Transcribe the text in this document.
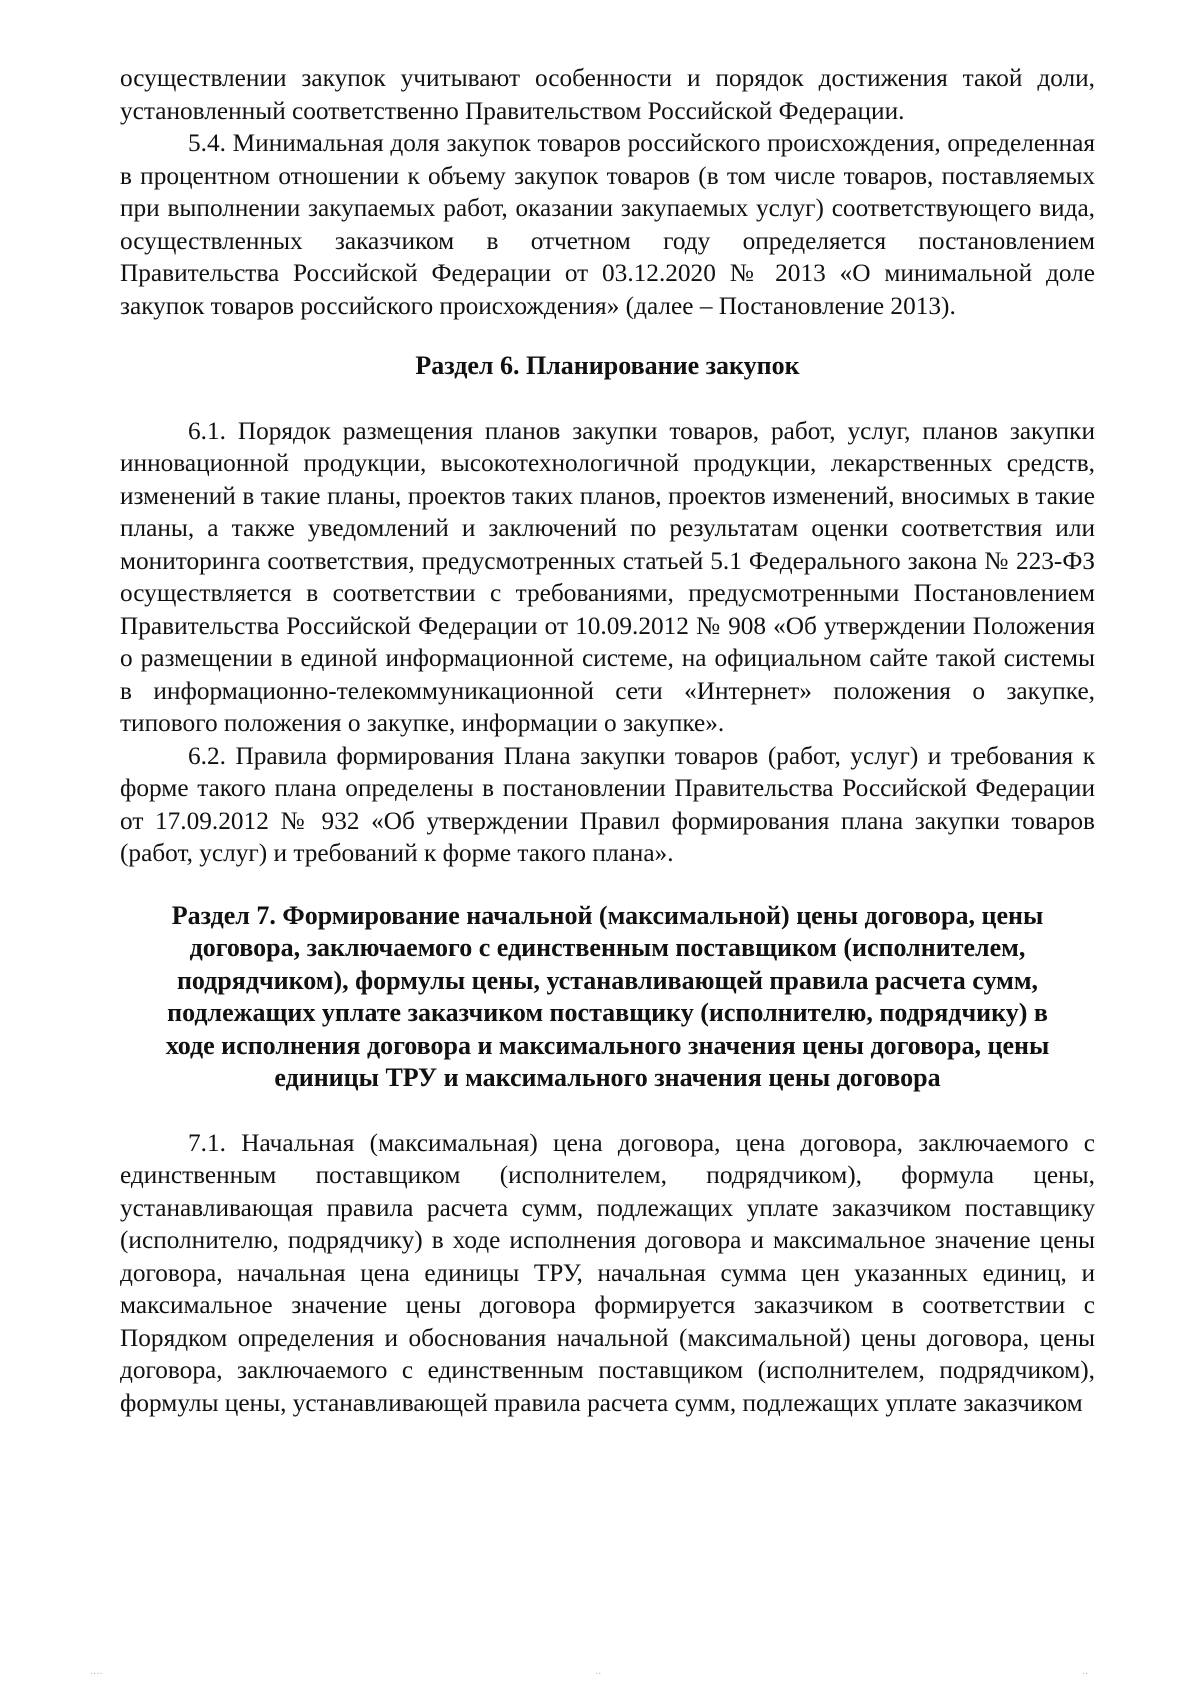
осуществлении закупок учитывают особенности и порядок достижения такой доли, установленный соответственно Правительством Российской Федерации.

5.4. Минимальная доля закупок товаров российского происхождения, определенная в процентном отношении к объему закупок товаров (в том числе товаров, поставляемых при выполнении закупаемых работ, оказании закупаемых услуг) соответствующего вида, осуществленных заказчиком в отчетном году определяется постановлением Правительства Российской Федерации от 03.12.2020 № 2013 «О минимальной доле закупок товаров российского происхождения» (далее – Постановление 2013).

Раздел 6. Планирование закупок

6.1. Порядок размещения планов закупки товаров, работ, услуг, планов закупки инновационной продукции, высокотехнологичной продукции, лекарственных средств, изменений в такие планы, проектов таких планов, проектов изменений, вносимых в такие планы, а также уведомлений и заключений по результатам оценки соответствия или мониторинга соответствия, предусмотренных статьей 5.1 Федерального закона № 223-ФЗ осуществляется в соответствии с требованиями, предусмотренными Постановлением Правительства Российской Федерации от 10.09.2012 № 908 «Об утверждении Положения о размещении в единой информационной системе, на официальном сайте такой системы в информационно-телекоммуникационной сети «Интернет» положения о закупке, типового положения о закупке, информации о закупке».

6.2. Правила формирования Плана закупки товаров (работ, услуг) и требования к форме такого плана определены в постановлении Правительства Российской Федерации от 17.09.2012 № 932 «Об утверждении Правил формирования плана закупки товаров (работ, услуг) и требований к форме такого плана».

Раздел 7. Формирование начальной (максимальной) цены договора, цены договора, заключаемого с единственным поставщиком (исполнителем, подрядчиком), формулы цены, устанавливающей правила расчета сумм, подлежащих уплате заказчиком поставщику (исполнителю, подрядчику) в ходе исполнения договора и максимального значения цены договора, цены единицы ТРУ и максимального значения цены договора

7.1. Начальная (максимальная) цена договора, цена договора, заключаемого с единственным поставщиком (исполнителем, подрядчиком), формула цены, устанавливающая правила расчета сумм, подлежащих уплате заказчиком поставщику (исполнителю, подрядчику) в ходе исполнения договора и максимальное значение цены договора, начальная цена единицы ТРУ, начальная сумма цен указанных единиц, и максимальное значение цены договора формируется заказчиком в соответствии с Порядком определения и обоснования начальной (максимальной) цены договора, цены договора, заключаемого с единственным поставщиком (исполнителем, подрядчиком), формулы цены, устанавливающей правила расчета сумм, подлежащих уплате заказчиком

....	..	..
